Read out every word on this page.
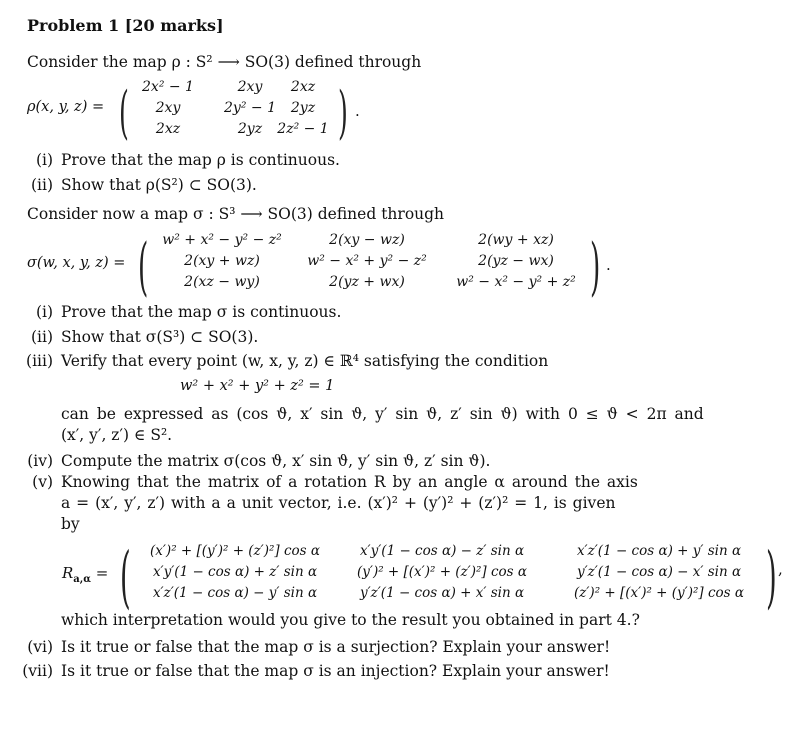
Problem 1 [20 marks]
Consider the map ρ : S² ⟶ SO(3) defined through
ρ(x, y, z) = (	) .
2x² − 1	2xy	2xz
2xy	2y² − 1	2yz
2xz	2yz	2z² − 1
(i) Prove that the map ρ is continuous.
(ii) Show that ρ(S²) ⊂ SO(3).
Consider now a map σ : S³ ⟶ SO(3) defined through
σ(w, x, y, z) = (	) .
w² + x² − y² − z²	2(xy − wz)	2(wy + xz)
2(xy + wz)	w² − x² + y² − z²	2(yz − wx)
2(xz − wy)	2(yz + wx)	w² − x² − y² + z²
(i) Prove that the map σ is continuous.
(ii) Show that σ(S³) ⊂ SO(3).
(iii) Verify that every point (w, x, y, z) ∈ ℝ⁴ satisfying the condition
w² + x² + y² + z² = 1
can be expressed as (cos ϑ, x′ sin ϑ, y′ sin ϑ, z′ sin ϑ) with 0 ≤ ϑ < 2π and
(x′, y′, z′) ∈ S².
(iv) Compute the matrix σ(cos ϑ, x′ sin ϑ, y′ sin ϑ, z′ sin ϑ).
(v) Knowing that the matrix of a rotation R by an angle α around the axis
a = (x′, y′, z′) with a a unit vector, i.e. (x′)² + (y′)² + (z′)² = 1, is given
by
$R_{a,\alpha}$ = (	) ,
(x′)² + [(y′)² + (z′)²] cos α	x′y′(1 − cos α) − z′ sin α	x′z′(1 − cos α) + y′ sin α
x′y′(1 − cos α) + z′ sin α	(y′)² + [(x′)² + (z′)²] cos α	y′z′(1 − cos α) − x′ sin α
x′z′(1 − cos α) − y′ sin α	y′z′(1 − cos α) + x′ sin α	(z′)² + [(x′)² + (y′)²] cos α
which interpretation would you give to the result you obtained in part 4.?
(vi) Is it true or false that the map σ is a surjection? Explain your answer!
(vii) Is it true or false that the map σ is an injection? Explain your answer!
